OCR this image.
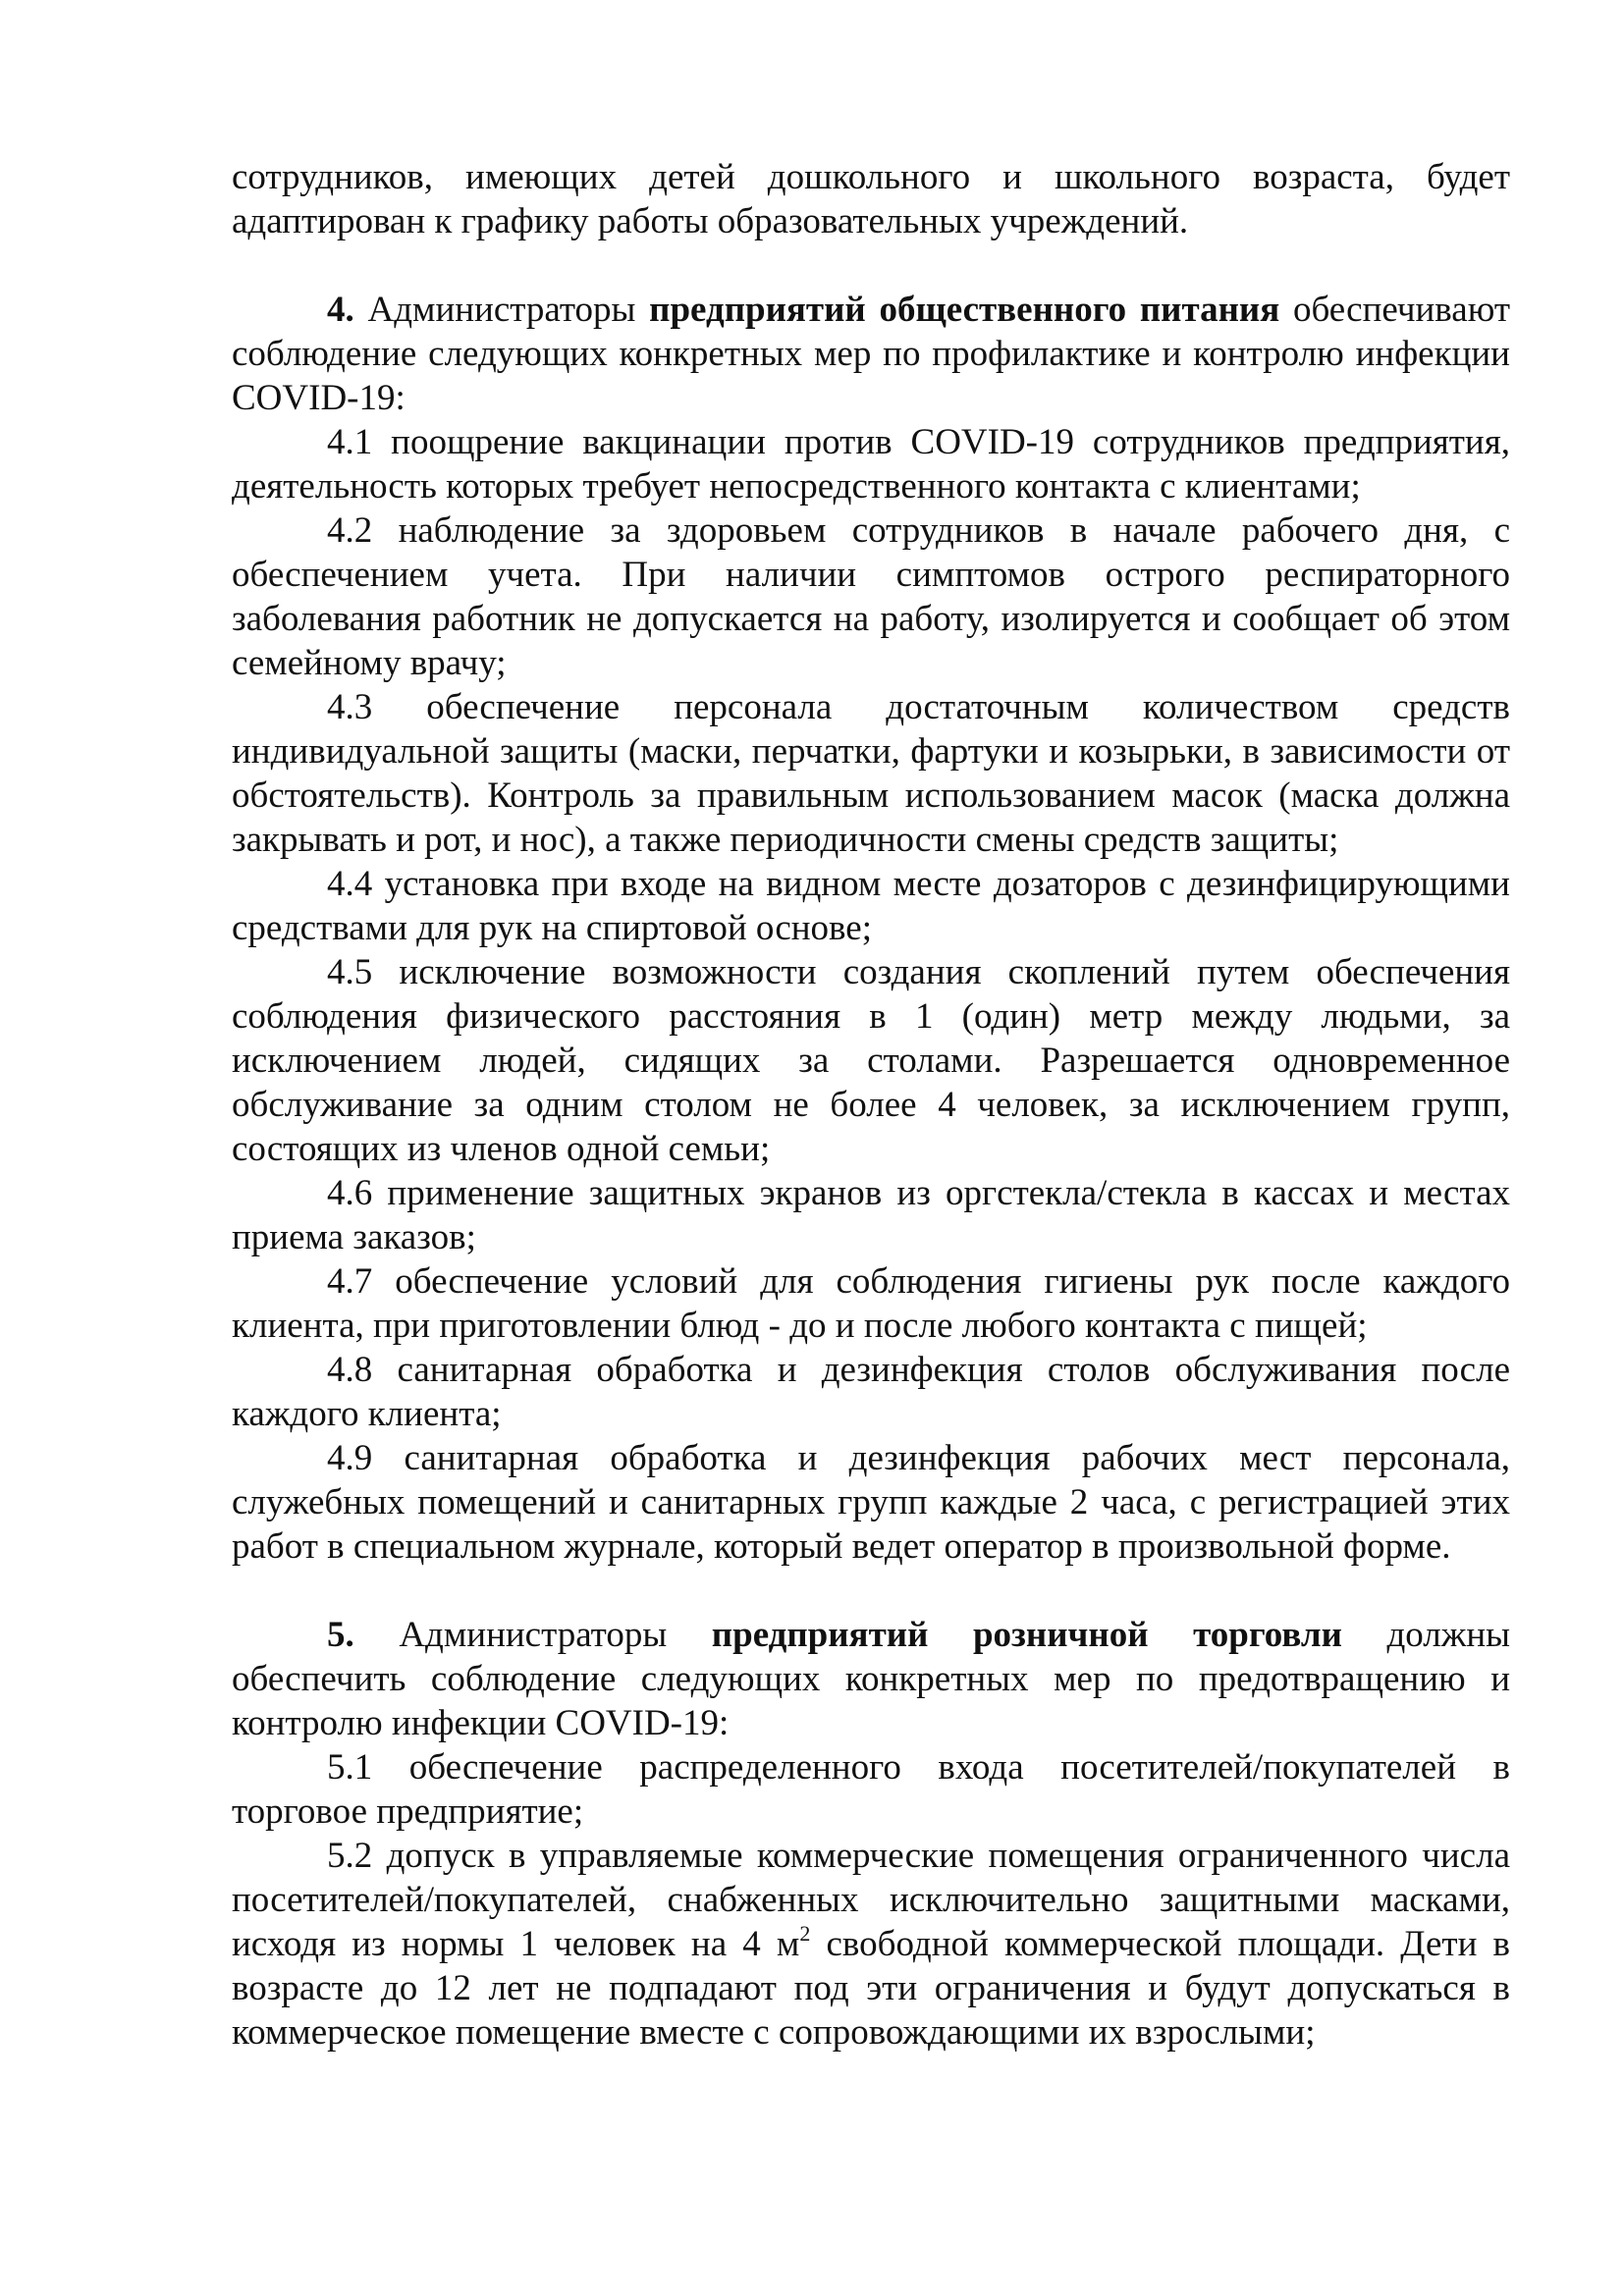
сотрудников, имеющих детей дошкольного и школьного возраста, будет адаптирован к графику работы образовательных учреждений.

4. Администраторы предприятий общественного питания обеспечивают соблюдение следующих конкретных мер по профилактике и контролю инфекции COVID-19:

4.1 поощрение вакцинации против COVID-19 сотрудников предприятия, деятельность которых требует непосредственного контакта с клиентами;

4.2 наблюдение за здоровьем сотрудников в начале рабочего дня, с обеспечением учета. При наличии симптомов острого респираторного заболевания работник не допускается на работу, изолируется и сообщает об этом семейному врачу;

4.3 обеспечение персонала достаточным количеством средств индивидуальной защиты (маски, перчатки, фартуки и козырьки, в зависимости от обстоятельств). Контроль за правильным использованием масок (маска должна закрывать и рот, и нос), а также периодичности смены средств защиты;

4.4 установка при входе на видном месте дозаторов с дезинфицирующими средствами для рук на спиртовой основе;

4.5 исключение возможности создания скоплений путем обеспечения соблюдения физического расстояния в 1 (один) метр между людьми, за исключением людей, сидящих за столами. Разрешается одновременное обслуживание за одним столом не более 4 человек, за исключением групп, состоящих из членов одной семьи;

4.6 применение защитных экранов из оргстекла/стекла в кассах и местах приема заказов;

4.7 обеспечение условий для соблюдения гигиены рук после каждого клиента, при приготовлении блюд - до и после любого контакта с пищей;

4.8 санитарная обработка и дезинфекция столов обслуживания после каждого клиента;

4.9 санитарная обработка и дезинфекция рабочих мест персонала, служебных помещений и санитарных групп каждые 2 часа, с регистрацией этих работ в специальном журнале, который ведет оператор в произвольной форме.

5. Администраторы предприятий розничной торговли должны обеспечить соблюдение следующих конкретных мер по предотвращению и контролю инфекции COVID-19:

5.1 обеспечение распределенного входа посетителей/покупателей в торговое предприятие;

5.2 допуск в управляемые коммерческие помещения ограниченного числа посетителей/покупателей, снабженных исключительно защитными масками, исходя из нормы 1 человек на 4 $м^2$ свободной коммерческой площади. Дети в возрасте до 12 лет не подпадают под эти ограничения и будут допускаться в коммерческое помещение вместе с сопровождающими их взрослыми;
